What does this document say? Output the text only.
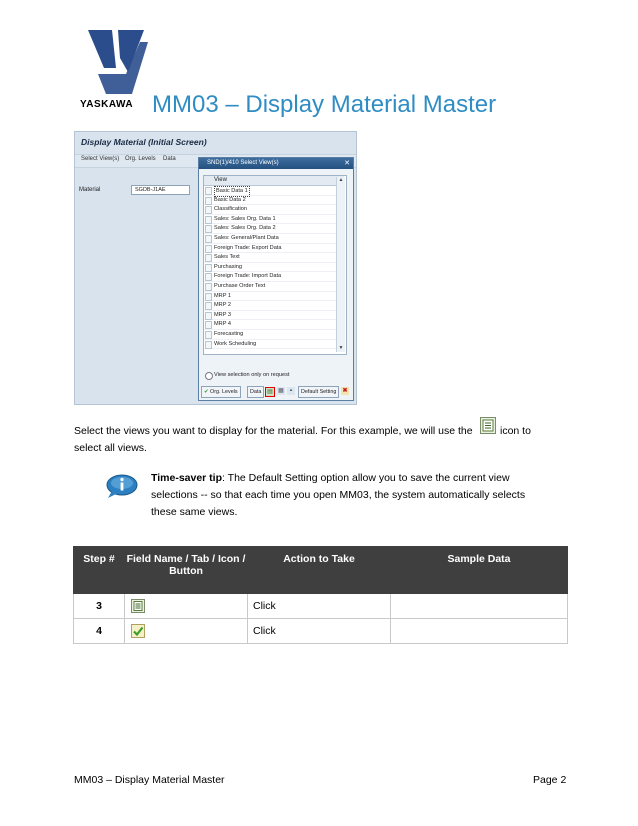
YASKAWA MM03 – Display Material Master
Display Material (Initial Screen)
Select View(s) Org. Levels Data
Material	SGDB-J1AE
SND(1)/410 Select View(s)	✕
View
Basic Data 1
Basic Data 2
Classification
Sales: Sales Org. Data 1
Sales: Sales Org. Data 2
Sales: General/Plant Data
Foreign Trade: Export Data
Sales Text
Purchasing
Foreign Trade: Import Data
Purchase Order Text
MRP 1
MRP 2
MRP 3
MRP 4
Forecasting
Work Scheduling
▲
▼
View selection only on request
✔ Org. Levels	Data ▤ ▦	▪	Default Setting	✖
Select the views you want to display for the material. For this example, we will use the	icon to
select all views.
Time-saver tip: The Default Setting option allow you to save the current view selections -- so that each time you open MM03, the system automatically selects these same views.
Step #	Field Name / Tab / Icon / Button	Action to Take	Sample Data
3		Click	
4		Click	
MM03 – Display Material Master	Page 2
